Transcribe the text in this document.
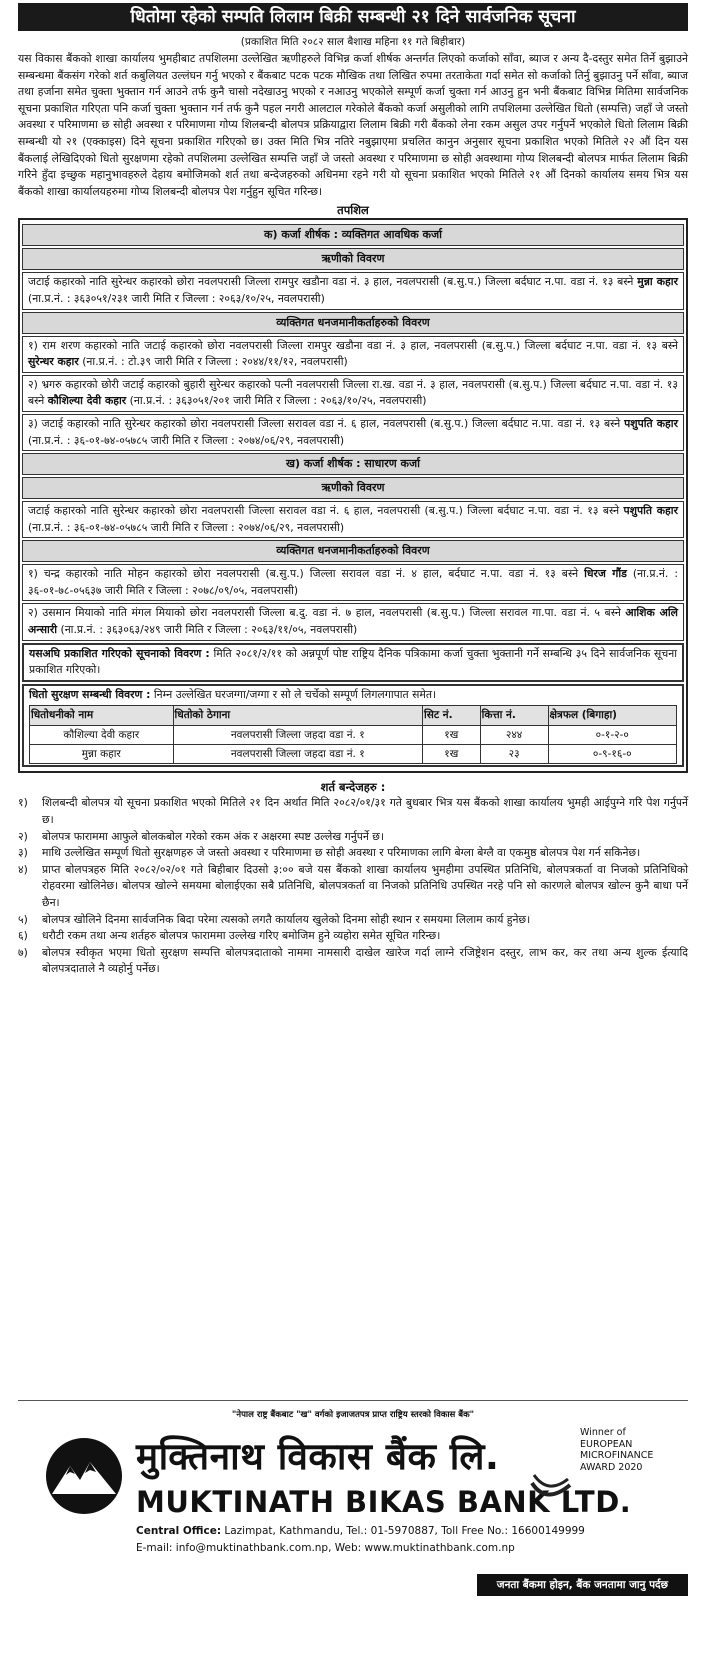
धितोमा रहेको सम्पति लिलाम बिक्री सम्बन्धी २१ दिने सार्वजनिक सूचना
(प्रकाशित मिति २०८२ साल बैशाख महिना ११ गते बिहीबार)
यस विकास बैंकको शाखा कार्यालय भुमहीबाट तपशिलमा उल्लेखित ऋणीहरुले विभिन्न कर्जा शीर्षक अन्तर्गत लिएको कर्जाको साँवा, ब्याज र अन्य दै-दस्तुर समेत तिर्ने बुझाउने सम्बन्धमा बैंकसंग गरेको शर्त कबुलियत उल्लंघन गर्नु भएको र बैंकबाट पटक पटक मौखिक तथा लिखित रुपमा तरताकेता गर्दा समेत सो कर्जाको तिर्नु बुझाउनु पर्ने साँवा, ब्याज तथा हर्जाना समेत चुक्ता भुक्तान गर्न आउने तर्फ कुनै चासो नदेखाउनु भएको र नआउनु भएकोले सम्पूर्ण कर्जा चुक्ता गर्न आउनु हुन भनी बैंकबाट विभिन्न मितिमा सार्वजनिक सूचना प्रकाशित गरिएता पनि कर्जा चुक्ता भुक्तान गर्न तर्फ कुनै पहल नगरी आलटाल गरेकोले बैंकको कर्जा असुलीको लागि तपशिलमा उल्लेखित धितो (सम्पत्ति) जहाँ जे जस्तो अवस्था र परिमाणमा छ सोही अवस्था र परिमाणमा गोप्य शिलबन्दी बोलपत्र प्रक्रियाद्वारा लिलाम बिक्री गरी बैंकको लेना रकम असुल उपर गर्नुपर्ने भएकोले धितो लिलाम बिक्री सम्बन्धी यो २१ (एक्काइस) दिने सूचना प्रकाशित गरिएको छ। उक्त मिति भित्र नतिरे नबुझाएमा प्रचलित कानुन अनुसार सूचना प्रकाशित भएको मितिले २२ औं दिन यस बैंकलाई लेखिदिएको धितो सुरक्षणमा रहेको तपशिलमा उल्लेखित सम्पत्ति जहाँ जे जस्तो अवस्था र परिमाणमा छ सोही अवस्थामा गोप्य शिलबन्दी बोलपत्र मार्फत लिलाम बिक्री गरिने हुँदा इच्छुक महानुभावहरुले देहाय बमोजिमको शर्त तथा बन्देजहरुको अधिनमा रहने गरी यो सूचना प्रकाशित भएको मितिले २१ औं दिनको कार्यालय समय भित्र यस बैंकको शाखा कार्यालयहरुमा गोप्य शिलबन्दी बोलपत्र पेश गर्नुहुन सूचित गरिन्छ।
तपशिल
क) कर्जा शीर्षक : व्यक्तिगत आवधिक कर्जा
ऋणीको विवरण
जटाई कहारको नाति सुरेन्धर कहारको छोरा नवलपरासी जिल्ला रामपुर खडौना वडा नं. ३ हाल, नवलपरासी (ब.सु.प.) जिल्ला बर्दघाट न.पा. वडा नं. १३ बस्ने मुन्ना कहार (ना.प्र.नं. : ३६३०५१/२३१ जारी मिति र जिल्ला : २०६३/१०/२५, नवलपरासी)
व्यक्तिगत धनजमानीकर्ताहरुको विवरण
१) राम शरण कहारको नाति जटाई कहारको छोरा नवलपरासी जिल्ला रामपुर खडौना वडा नं. ३ हाल, नवलपरासी (ब.सु.प.) जिल्ला बर्दघाट न.पा. वडा नं. १३ बस्ने सुरेन्धर कहार (ना.प्र.नं. : टो.३९ जारी मिति र जिल्ला : २०४४/११/१२, नवलपरासी)
२) भ्रगरु कहारको छोरी जटाई कहारको बुहारी सुरेन्धर कहारको पत्नी नवलपरासी जिल्ला रा.ख. वडा नं. ३ हाल, नवलपरासी (ब.सु.प.) जिल्ला बर्दघाट न.पा. वडा नं. १३ बस्ने कौशिल्या देवी कहार (ना.प्र.नं. : ३६३०५१/२०१ जारी मिति र जिल्ला : २०६३/१०/२५, नवलपरासी)
३) जटाई कहारको नाति सुरेन्धर कहारको छोरा नवलपरासी जिल्ला सरावल वडा नं. ६ हाल, नवलपरासी (ब.सु.प.) जिल्ला बर्दघाट न.पा. वडा नं. १३ बस्ने पशुपति कहार (ना.प्र.नं. : ३६-०१-७४-०५७८५ जारी मिति र जिल्ला : २०७४/०६/२९, नवलपरासी)
ख) कर्जा शीर्षक : साधारण कर्जा
ऋणीको विवरण
जटाई कहारको नाति सुरेन्धर कहारको छोरा नवलपरासी जिल्ला सरावल वडा नं. ६ हाल, नवलपरासी (ब.सु.प.) जिल्ला बर्दघाट न.पा. वडा नं. १३ बस्ने पशुपति कहार (ना.प्र.नं. : ३६-०१-७४-०५७८५ जारी मिति र जिल्ला : २०७४/०६/२९, नवलपरासी)
व्यक्तिगत धनजमानीकर्ताहरुको विवरण
१) चन्द्र कहारको नाति मोहन कहारको छोरा नवलपरासी (ब.सु.प.) जिल्ला सरावल वडा नं. ४ हाल, बर्दघाट न.पा. वडा नं. १३ बस्ने धिरज गौंड (ना.प्र.नं. : ३६-०१-७८-०५६३७ जारी मिति र जिल्ला : २०७८/०९/०५, नवलपरासी)
२) उसमान मियाको नाति मंगल मियाको छोरा नवलपरासी जिल्ला ब.दु. वडा नं. ७ हाल, नवलपरासी (ब.सु.प.) जिल्ला सरावल गा.पा. वडा नं. ५ बस्ने आशिक अलि अन्सारी (ना.प्र.नं. : ३६३०६३/२४९ जारी मिति र जिल्ला : २०६३/११/०५, नवलपरासी)
यसअघि प्रकाशित गरिएको सूचनाको विवरण : मिति २०८१/२/११ को अन्नपूर्ण पोष्ट राष्ट्रिय दैनिक पत्रिकामा कर्जा चुक्ता भुक्तानी गर्ने सम्बन्धि ३५ दिने सार्वजनिक सूचना प्रकाशित गरिएको।
धितो सुरक्षण सम्बन्धी विवरण : निम्न उल्लेखित घरजग्गा/जग्गा र सो ले चर्चेको सम्पूर्ण लिगलगापात समेत।
धितोधनीको नाम	धितोको ठेगाना	सिट नं.	कित्ता नं.	क्षेत्रफल (बिगाहा)
कौशिल्या देवी कहार	नवलपरासी जिल्ला जहदा वडा नं. १	१ख	२४४	०-१-२-०
मुन्ना कहार	नवलपरासी जिल्ला जहदा वडा नं. १	१ख	२३	०-९-१६-०
शर्त बन्देजहरु :
१)	शिलबन्दी बोलपत्र यो सूचना प्रकाशित भएको मितिले २१ दिन अर्थात मिति २०८२/०१/३१ गते बुधबार भित्र यस बैंकको शाखा कार्यालय भुमही आईपुग्ने गरि पेश गर्नुपर्ने छ।
२)	बोलपत्र फाराममा आफुले बोलकबोल गरेको रकम अंक र अक्षरमा स्पष्ट उल्लेख गर्नुपर्ने छ।
३)	माथि उल्लेखित सम्पूर्ण धितो सुरक्षणहरु जे जस्तो अवस्था र परिमाणमा छ सोही अवस्था र परिमाणका लागि बेग्ला बेग्लै वा एकमुष्ठ बोलपत्र पेश गर्न सकिनेछ।
४)	प्राप्त बोलपत्रहरु मिति २०८२/०२/०१ गते बिहीबार दिउसो ३:०० बजे यस बैंकको शाखा कार्यालय भुमहीमा उपस्थित प्रतिनिधि, बोलपत्रकर्ता वा निजको प्रतिनिधिको रोहवरमा खोलिनेछ। बोलपत्र खोल्ने समयमा बोलाईएका सबै प्रतिनिधि, बोलपत्रकर्ता वा निजको प्रतिनिधि उपस्थित नरहे पनि सो कारणले बोलपत्र खोल्न कुनै बाधा पर्ने छैन।
५)	बोलपत्र खोलिने दिनमा सार्वजनिक बिदा परेमा त्यसको लगतै कार्यालय खुलेको दिनमा सोही स्थान र समयमा लिलाम कार्य हुनेछ।
६)	धरौटी रकम तथा अन्य शर्तहरु बोलपत्र फाराममा उल्लेख गरिए बमोजिम हुने व्यहोरा समेत सूचित गरिन्छ।
७)	बोलपत्र स्वीकृत भएमा धितो सुरक्षण सम्पत्ति बोलपत्रदाताको नाममा नामसारी दाखेल खारेज गर्दा लाग्ने रजिष्ट्रेशन दस्तुर, लाभ कर, कर तथा अन्य शुल्क ईत्यादि बोलपत्रदाताले नै व्यहोर्नु पर्नेछ।
"नेपाल राष्ट्र बैंकबाट "ख" वर्गको इजाजतपत्र प्राप्त राष्ट्रिय स्तरको विकास बैंक"
मुक्तिनाथ विकास बैंक लि.
MUKTINATH BIKAS BANK LTD.
Winner of
EUROPEAN
MICROFINANCE
AWARD 2020
Central Office: Lazimpat, Kathmandu, Tel.: 01-5970887, Toll Free No.: 16600149999
E-mail: info@muktinathbank.com.np, Web: www.muktinathbank.com.np
जनता बैंकमा होइन, बैंक जनतामा जानु पर्दछ
